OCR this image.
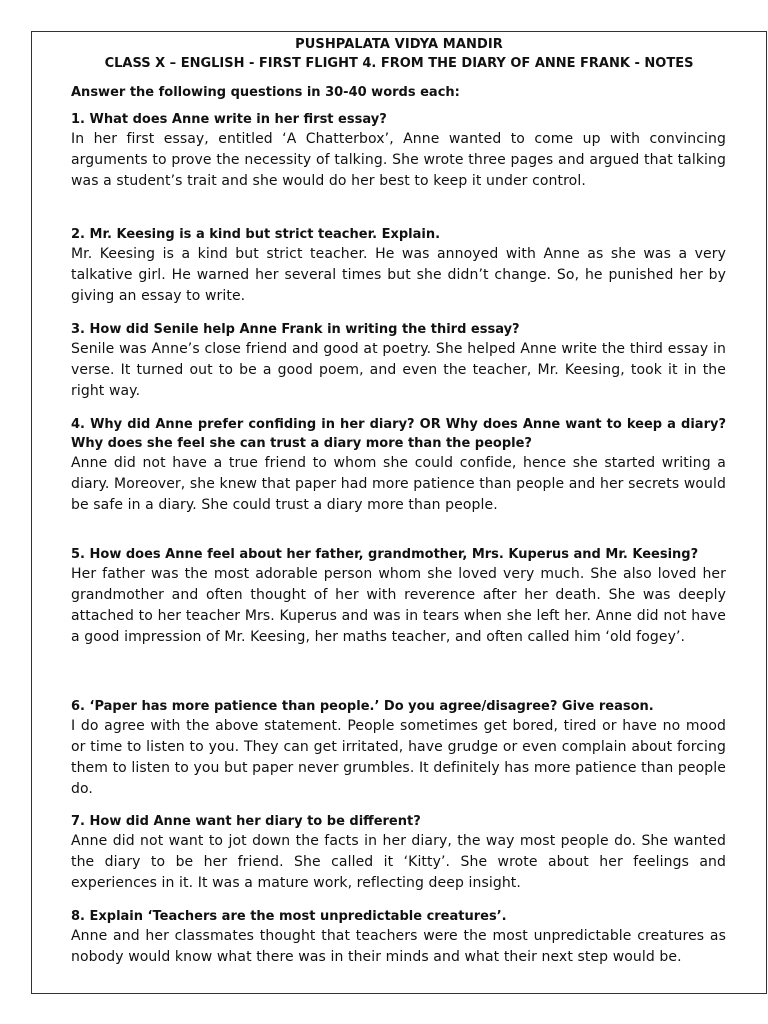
PUSHPALATA VIDYA MANDIR
CLASS X – ENGLISH - FIRST FLIGHT 4. FROM THE DIARY OF ANNE FRANK - NOTES
Answer the following questions in 30-40 words each:

1. What does Anne write in her first essay?

In her first essay, entitled ‘A Chatterbox’, Anne wanted to come up with convincing arguments to prove the necessity of talking. She wrote three pages and argued that talking was a student’s trait and she would do her best to keep it under control.

2. Mr. Keesing is a kind but strict teacher. Explain.

Mr. Keesing is a kind but strict teacher. He was annoyed with Anne as she was a very talkative girl. He warned her several times but she didn’t change. So, he punished her by giving an essay to write.

3. How did Senile help Anne Frank in writing the third essay?

Senile was Anne’s close friend and good at poetry. She helped Anne write the third essay in verse. It turned out to be a good poem, and even the teacher, Mr. Keesing, took it in the right way.

4. Why did Anne prefer confiding in her diary? OR Why does Anne want to keep a diary? Why does she feel she can trust a diary more than the people?

Anne did not have a true friend to whom she could confide, hence she started writing a diary. Moreover, she knew that paper had more patience than people and her secrets would be safe in a diary. She could trust a diary more than people.

5. How does Anne feel about her father, grandmother, Mrs. Kuperus and Mr. Keesing?

Her father was the most adorable person whom she loved very much. She also loved her grandmother and often thought of her with reverence after her death. She was deeply attached to her teacher Mrs. Kuperus and was in tears when she left her. Anne did not have a good impression of Mr. Keesing, her maths teacher, and often called him ‘old fogey’.

6. ‘Paper has more patience than people.’ Do you agree/disagree? Give reason.

I do agree with the above statement. People sometimes get bored, tired or have no mood or time to listen to you. They can get irritated, have grudge or even complain about forcing them to listen to you but paper never grumbles. It definitely has more patience than people do.

7. How did Anne want her diary to be different?

Anne did not want to jot down the facts in her diary, the way most people do. She wanted the diary to be her friend. She called it ‘Kitty’. She wrote about her feelings and experiences in it. It was a mature work, reflecting deep insight.

8. Explain ‘Teachers are the most unpredictable creatures’.

Anne and her classmates thought that teachers were the most unpredictable creatures as nobody would know what there was in their minds and what their next step would be.
